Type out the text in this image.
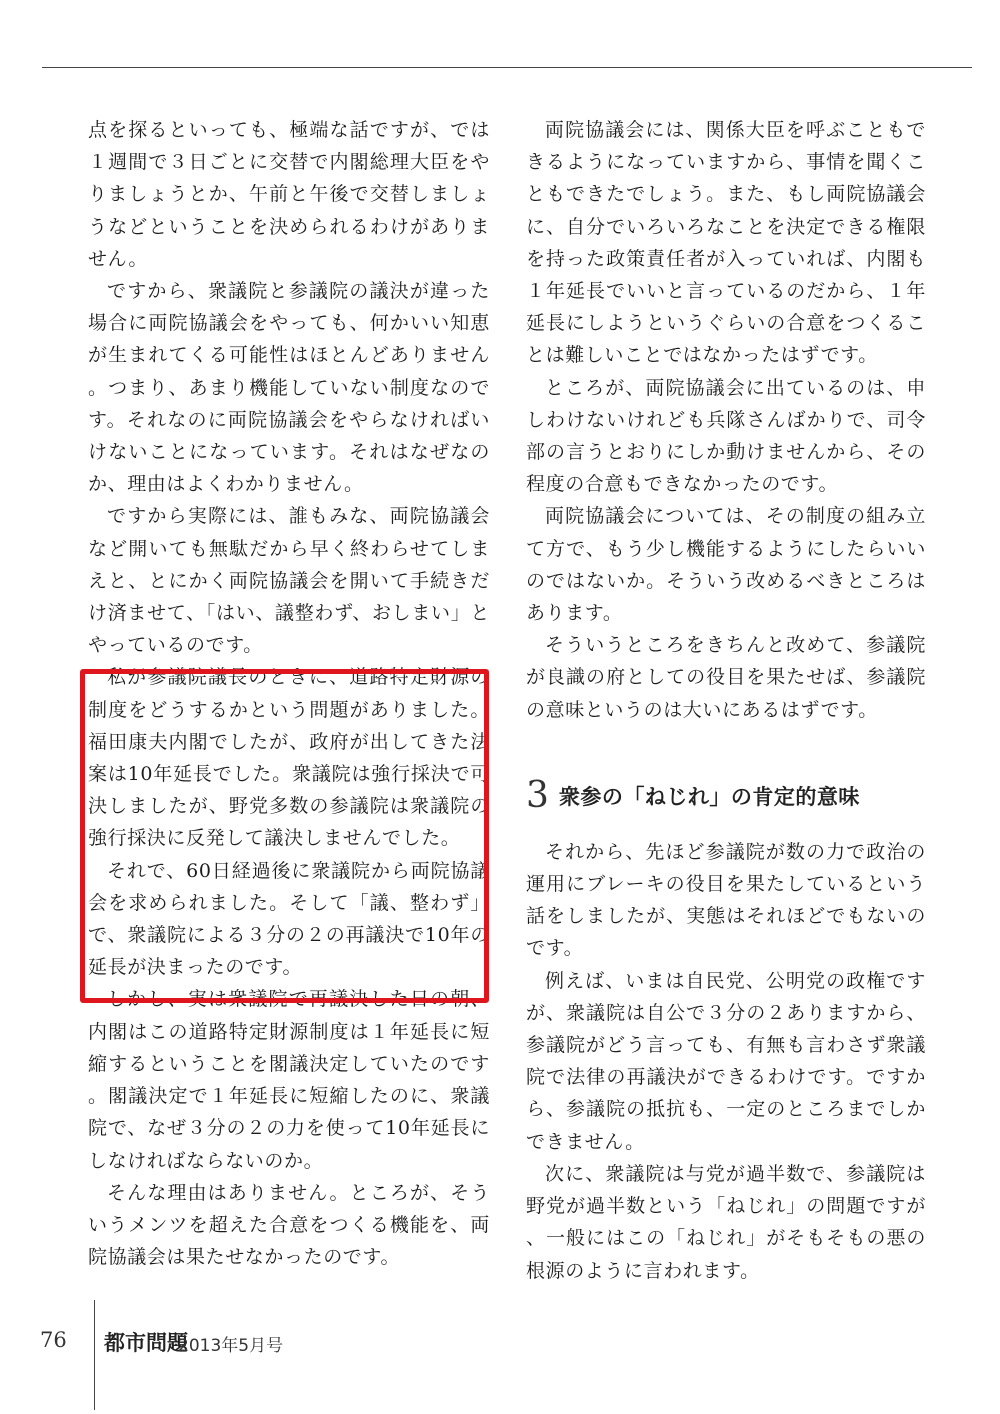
点を探るといっても、極端な話ですが、では１週間で３日ごとに交替で内閣総理大臣をやりましょうとか、午前と午後で交替しましょうなどということを決められるわけがありません。

ですから、衆議院と参議院の議決が違った場合に両院協議会をやっても、何かいい知恵が生まれてくる可能性はほとんどありません。つまり、あまり機能していない制度なのです。それなのに両院協議会をやらなければいけないことになっています。それはなぜなのか、理由はよくわかりません。

ですから実際には、誰もみな、両院協議会など開いても無駄だから早く終わらせてしまえと、とにかく両院協議会を開いて手続きだけ済ませて、「はい、議整わず、おしまい」とやっているのです。

私が参議院議長のときに、道路特定財源の制度をどうするかという問題がありました。福田康夫内閣でしたが、政府が出してきた法案は10年延長でした。衆議院は強行採決で可決しましたが、野党多数の参議院は衆議院の強行採決に反発して議決しませんでした。

それで、60日経過後に衆議院から両院協議会を求められました。そして「議、整わず」で、衆議院による３分の２の再議決で10年の延長が決まったのです。

しかし、実は衆議院で再議決した日の朝、内閣はこの道路特定財源制度は１年延長に短縮するということを閣議決定していたのです。閣議決定で１年延長に短縮したのに、衆議院で、なぜ３分の２の力を使って10年延長にしなければならないのか。

そんな理由はありません。ところが、そういうメンツを超えた合意をつくる機能を、両院協議会は果たせなかったのです。

両院協議会には、関係大臣を呼ぶこともできるようになっていますから、事情を聞くこともできたでしょう。また、もし両院協議会に、自分でいろいろなことを決定できる権限を持った政策責任者が入っていれば、内閣も１年延長でいいと言っているのだから、１年延長にしようというぐらいの合意をつくることは難しいことではなかったはずです。

ところが、両院協議会に出ているのは、申しわけないけれども兵隊さんばかりで、司令部の言うとおりにしか動けませんから、その程度の合意もできなかったのです。

両院協議会については、その制度の組み立て方で、もう少し機能するようにしたらいいのではないか。そういう改めるべきところはあります。

そういうところをきちんと改めて、参議院が良識の府としての役目を果たせば、参議院の意味というのは大いにあるはずです。

3 衆参の「ねじれ」の肯定的意味

それから、先ほど参議院が数の力で政治の運用にブレーキの役目を果たしているという話をしましたが、実態はそれほどでもないのです。

例えば、いまは自民党、公明党の政権ですが、衆議院は自公で３分の２ありますから、参議院がどう言っても、有無も言わさず衆議院で法律の再議決ができるわけです。ですから、参議院の抵抗も、一定のところまでしかできません。

次に、衆議院は与党が過半数で、参議院は野党が過半数という「ねじれ」の問題ですが、一般にはこの「ねじれ」がそもそもの悪の根源のように言われます。

76 都市問題
2013年5月号
